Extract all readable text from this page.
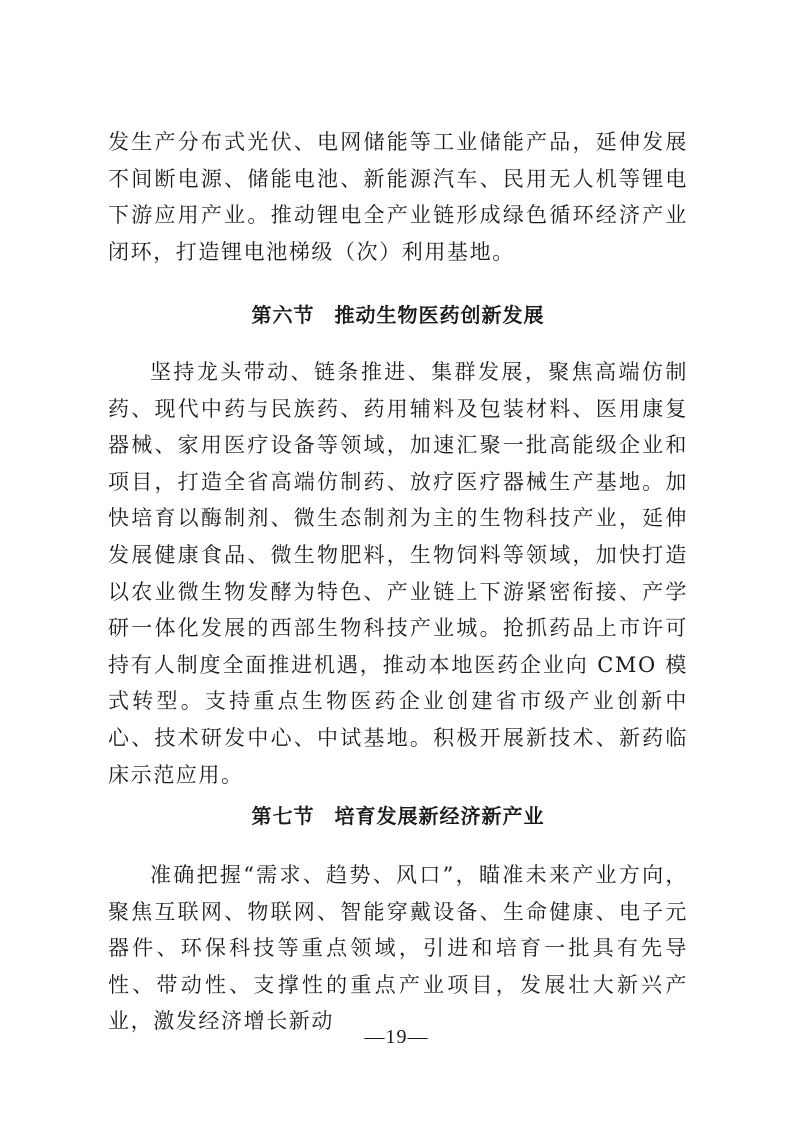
发生产分布式光伏、电网储能等工业储能产品，延伸发展不间断电源、储能电池、新能源汽车、民用无人机等锂电下游应用产业。推动锂电全产业链形成绿色循环经济产业闭环，打造锂电池梯级（次）利用基地。

第六节 推动生物医药创新发展

坚持龙头带动、链条推进、集群发展，聚焦高端仿制药、现代中药与民族药、药用辅料及包装材料、医用康复器械、家用医疗设备等领域，加速汇聚一批高能级企业和项目，打造全省高端仿制药、放疗医疗器械生产基地。加快培育以酶制剂、微生态制剂为主的生物科技产业，延伸发展健康食品、微生物肥料，生物饲料等领域，加快打造以农业微生物发酵为特色、产业链上下游紧密衔接、产学研一体化发展的西部生物科技产业城。抢抓药品上市许可持有人制度全面推进机遇，推动本地医药企业向 CMO 模式转型。支持重点生物医药企业创建省市级产业创新中心、技术研发中心、中试基地。积极开展新技术、新药临床示范应用。

第七节 培育发展新经济新产业

准确把握“需求、趋势、风口”，瞄准未来产业方向，聚焦互联网、物联网、智能穿戴设备、生命健康、电子元器件、环保科技等重点领域，引进和培育一批具有先导性、带动性、支撑性的重点产业项目，发展壮大新兴产业，激发经济增长新动

—19—
